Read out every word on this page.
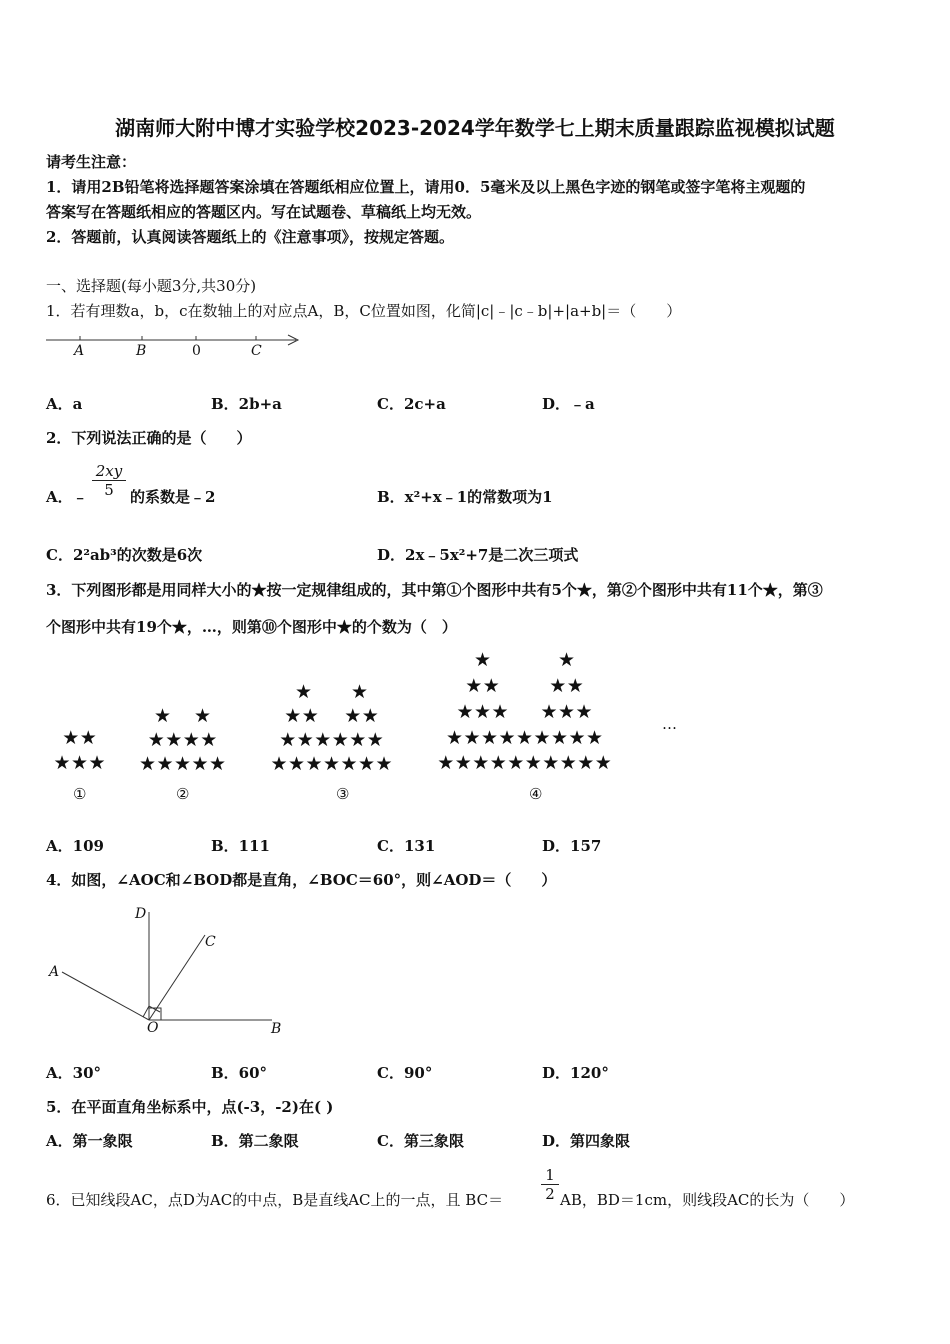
湖南师大附中博才实验学校2023-2024学年数学七上期末质量跟踪监视模拟试题
请考生注意：
1．请用2B铅笔将选择题答案涂填在答题纸相应位置上，请用0．5毫米及以上黑色字迹的钢笔或签字笔将主观题的
答案写在答题纸相应的答题区内。写在试题卷、草稿纸上均无效。
2．答题前，认真阅读答题纸上的《注意事项》，按规定答题。
一、选择题(每小题3分,共30分)
1．若有理数a，b，c在数轴上的对应点A，B，C位置如图，化简|c|﹣|c﹣b|+|a+b|＝（　　）
A	B	0	C
A．a	B．2b+a	C．2c+a	D．﹣a
2．下列说法正确的是（　　）
A．﹣ $\frac{2xy}{5}$ 的系数是﹣2	B．x²+x﹣1的常数项为1
C．2²ab³的次数是6次	D．2x﹣5x²+7是二次三项式
3．下列图形都是用同样大小的★按一定规律组成的，其中第①个图形中共有5个★，第②个图形中共有11个★，第③
个图形中共有19个★，…，则第⑩个图形中★的个数为（　）
★ ★
★ ★ ★
★ ★
★ ★ ★ ★
★ ★ ★ ★ ★
★ ★
★ ★ ★ ★
★ ★ ★ ★ ★ ★
★ ★ ★ ★ ★ ★ ★
★	★
★ ★	★ ★
★ ★ ★ ★ ★ ★
★ ★ ★ ★ ★ ★ ★ ★ ★
★ ★ ★ ★ ★ ★ ★ ★ ★ ★
①	②	③	④
…
A．109	B．111	C．131	D．157
4．如图，∠AOC和∠BOD都是直角，∠BOC＝60°，则∠AOD＝（　　）
D
C
A
O	B
A．30°	B．60°	C．90°	D．120°
5．在平面直角坐标系中，点(-3，-2)在( )
A．第一象限	B．第二象限	C．第三象限	D．第四象限
6．已知线段AC，点D为AC的中点，B是直线AC上的一点，且 BC＝	$\frac{1}{2}$ AB，BD＝1cm，则线段AC的长为（　　）
